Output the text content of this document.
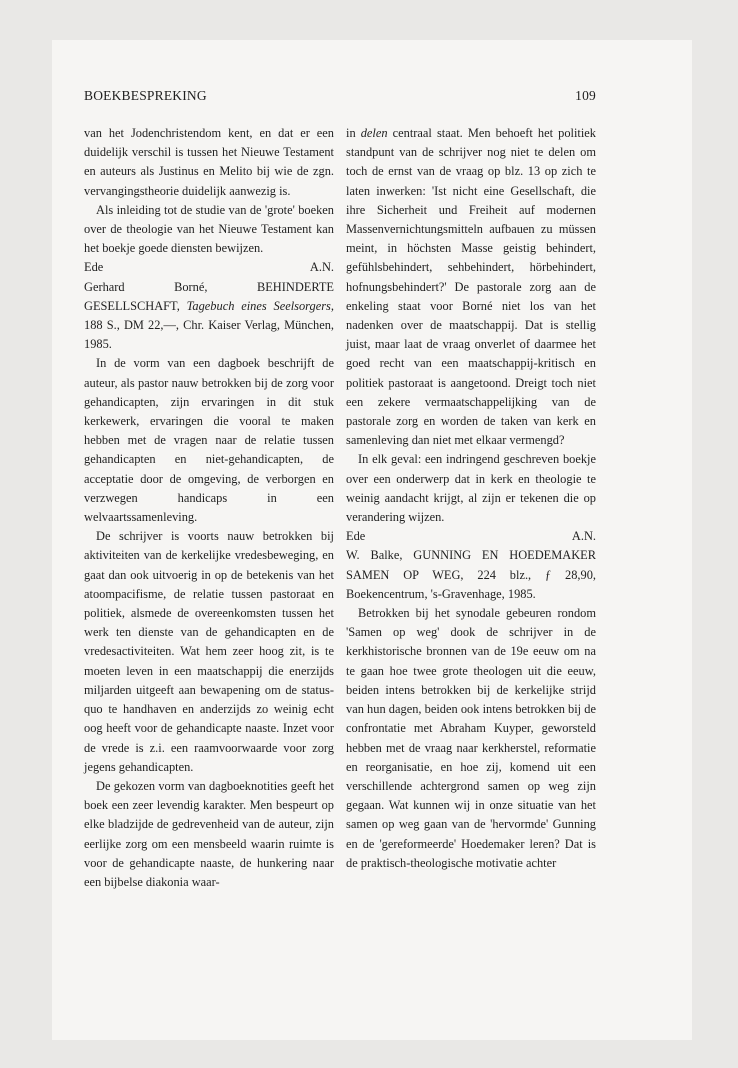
BOEKBESPREKING	109

van het Jodenchristendom kent, en dat er een duidelijk verschil is tussen het Nieuwe Testament en auteurs als Justinus en Melito bij wie de zgn. vervangingstheorie duidelijk aanwezig is.

Als inleiding tot de studie van de 'grote' boeken over de theologie van het Nieuwe Testament kan het boekje goede diensten bewijzen.

Ede	A.N.

Gerhard Borné, BEHINDERTE GESELLSCHAFT, Tagebuch eines Seelsorgers, 188 S., DM 22,—, Chr. Kaiser Verlag, München, 1985.

In de vorm van een dagboek beschrijft de auteur, als pastor nauw betrokken bij de zorg voor gehandicapten, zijn ervaringen in dit stuk kerkewerk, ervaringen die vooral te maken hebben met de vragen naar de relatie tussen gehandicapten en niet-gehandicapten, de acceptatie door de omgeving, de verborgen en verzwegen handicaps in een welvaartssamenleving.

De schrijver is voorts nauw betrokken bij aktiviteiten van de kerkelijke vredesbeweging, en gaat dan ook uitvoerig in op de betekenis van het atoompacifisme, de relatie tussen pastoraat en politiek, alsmede de overeenkomsten tussen het werk ten dienste van de gehandicapten en de vredesactiviteiten. Wat hem zeer hoog zit, is te moeten leven in een maatschappij die enerzijds miljarden uitgeeft aan bewapening om de status-quo te handhaven en anderzijds zo weinig echt oog heeft voor de gehandicapte naaste. Inzet voor de vrede is z.i. een raamvoorwaarde voor zorg jegens gehandicapten.

De gekozen vorm van dagboeknotities geeft het boek een zeer levendig karakter. Men bespeurt op elke bladzijde de gedrevenheid van de auteur, zijn eerlijke zorg om een mensbeeld waarin ruimte is voor de gehandicapte naaste, de hunkering naar een bijbelse diakonia waar-

in delen centraal staat. Men behoeft het politiek standpunt van de schrijver nog niet te delen om toch de ernst van de vraag op blz. 13 op zich te laten inwerken: 'Ist nicht eine Gesellschaft, die ihre Sicherheit und Freiheit auf modernen Massenvernichtungsmitteln aufbauen zu müssen meint, in höchsten Masse geistig behindert, gefühlsbehindert, sehbehindert, hörbehindert, hofnungsbehindert?' De pastorale zorg aan de enkeling staat voor Borné niet los van het nadenken over de maatschappij. Dat is stellig juist, maar laat de vraag onverlet of daarmee het goed recht van een maatschappij-kritisch en politiek pastoraat is aangetoond. Dreigt toch niet een zekere vermaatschappelijking van de pastorale zorg en worden de taken van kerk en samenleving dan niet met elkaar vermengd?

In elk geval: een indringend geschreven boekje over een onderwerp dat in kerk en theologie te weinig aandacht krijgt, al zijn er tekenen die op verandering wijzen.

Ede	A.N.

W. Balke, GUNNING EN HOEDEMAKER SAMEN OP WEG, 224 blz., ƒ 28,90, Boekencentrum, 's-Gravenhage, 1985.

Betrokken bij het synodale gebeuren rondom 'Samen op weg' dook de schrijver in de kerkhistorische bronnen van de 19e eeuw om na te gaan hoe twee grote theologen uit die eeuw, beiden intens betrokken bij de kerkelijke strijd van hun dagen, beiden ook intens betrokken bij de confrontatie met Abraham Kuyper, geworsteld hebben met de vraag naar kerkherstel, reformatie en reorganisatie, en hoe zij, komend uit een verschillende achtergrond samen op weg zijn gegaan. Wat kunnen wij in onze situatie van het samen op weg gaan van de 'hervormde' Gunning en de 'gereformeerde' Hoedemaker leren? Dat is de praktisch-theologische motivatie achter
